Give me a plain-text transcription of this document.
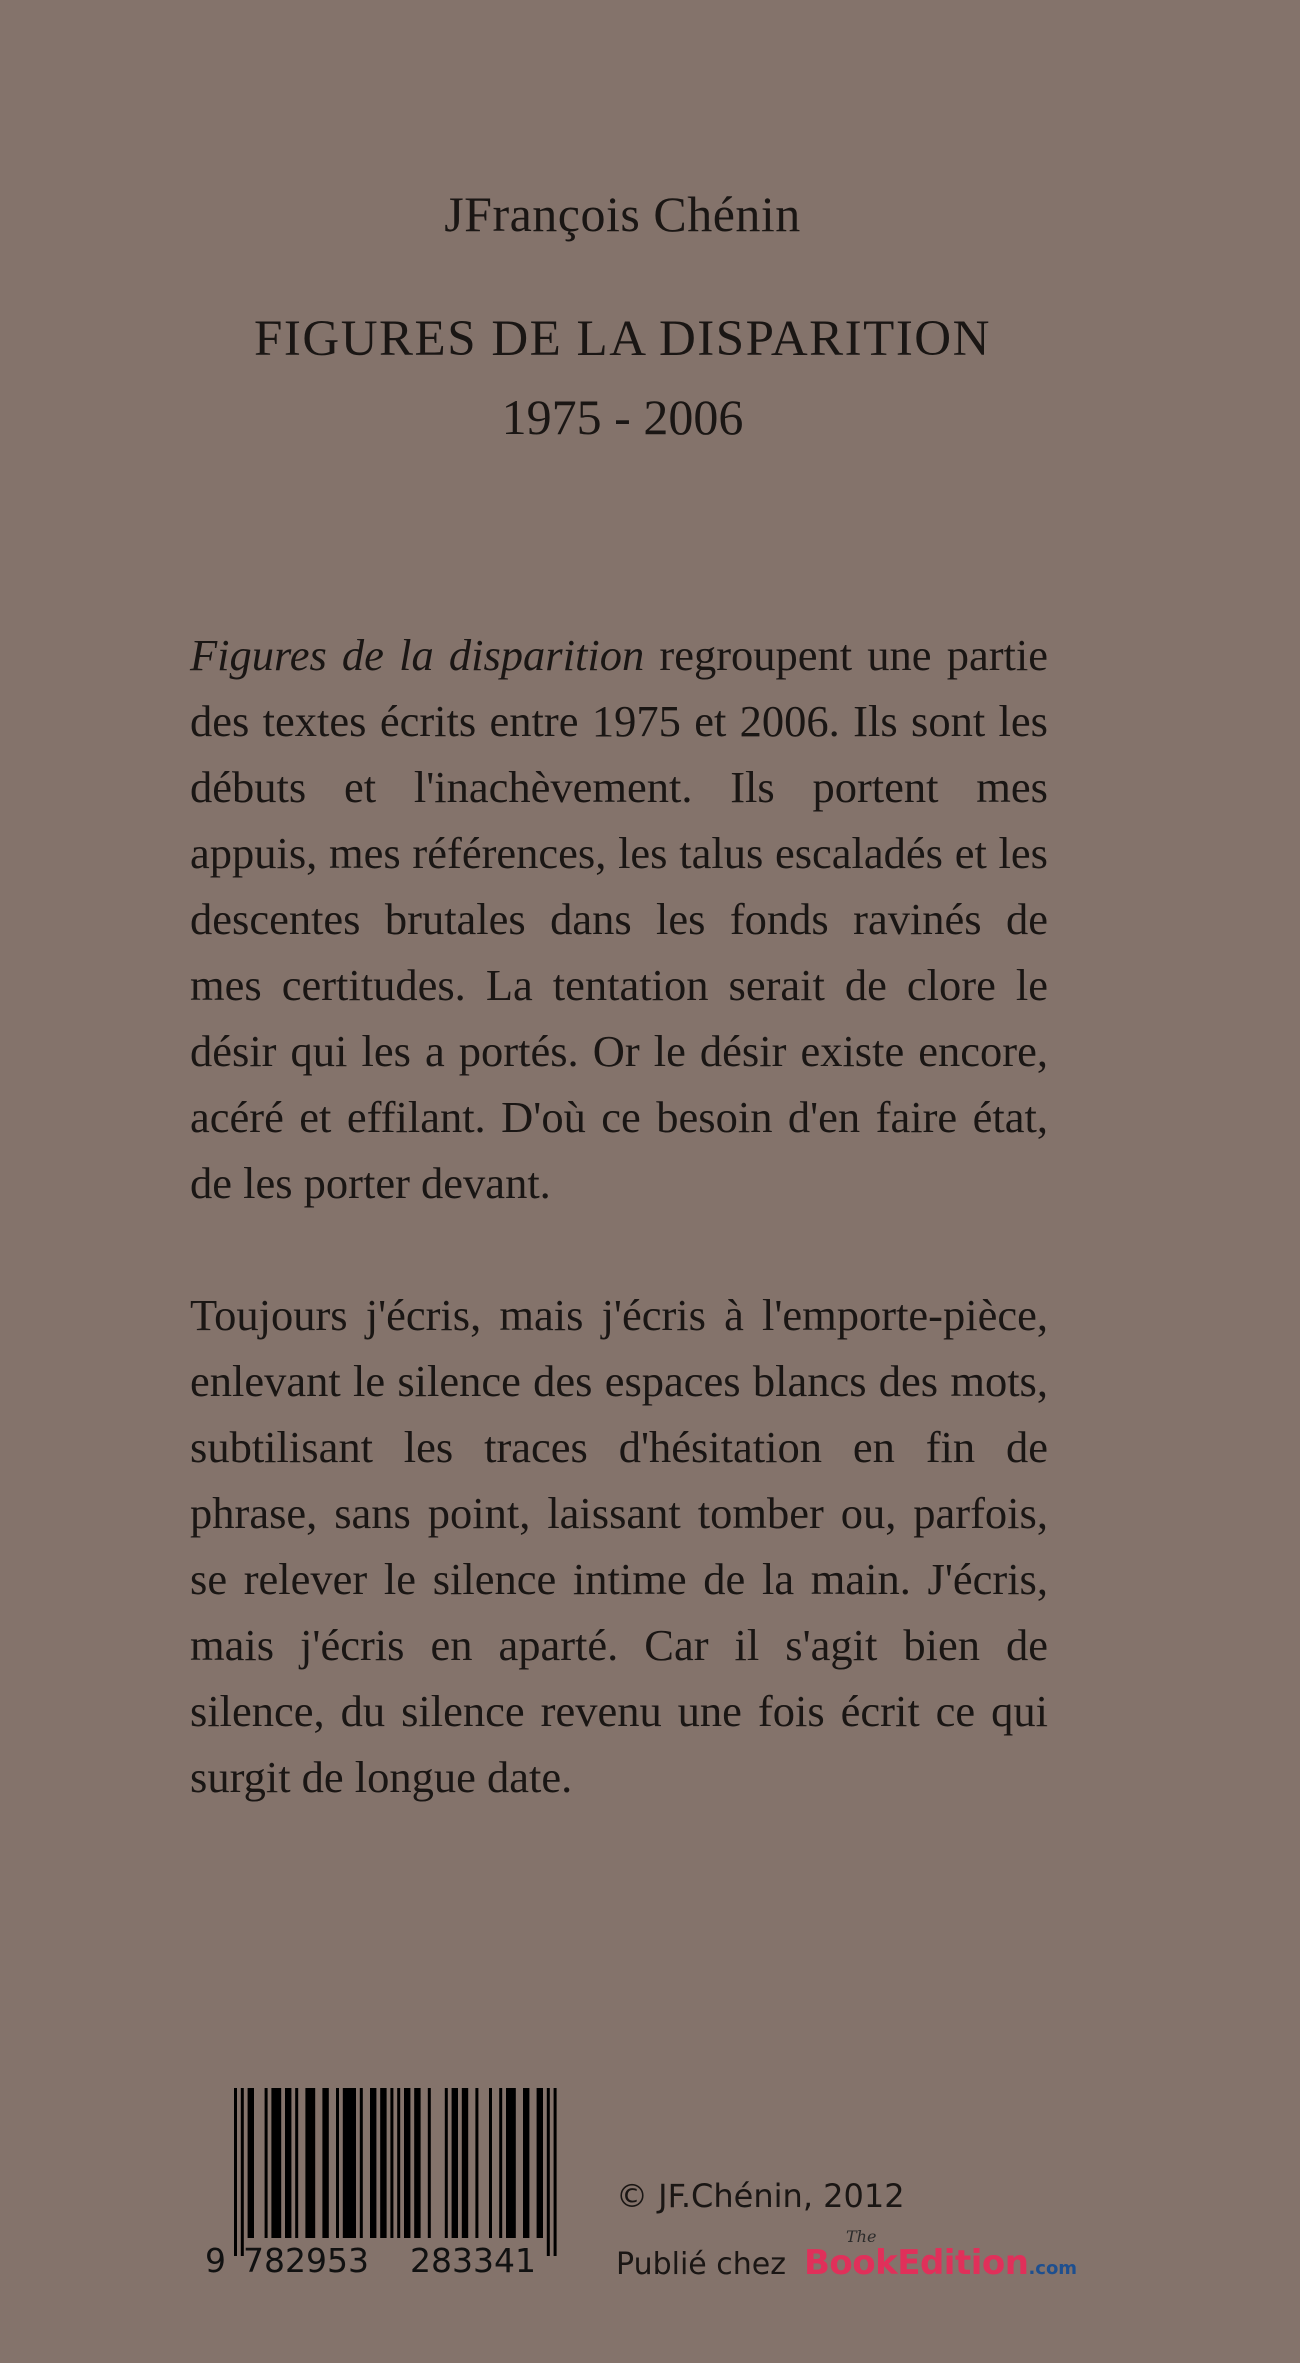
JFrançois Chénin
FIGURES DE LA DISPARITION
1975 - 2006

Figures de la disparition regroupent une partie des textes écrits entre 1975 et 2006. Ils sont les débuts et l'inachèvement. Ils portent mes appuis, mes références, les talus escaladés et les descentes brutales dans les fonds ravinés de mes certitudes. La tentation serait de clore le désir qui les a portés. Or le désir existe encore, acéré et effilant. D'où ce besoin d'en faire état, de les porter devant.

Toujours j'écris, mais j'écris à l'emporte-pièce, enlevant le silence des espaces blancs des mots, subtilisant les traces d'hésitation en fin de phrase, sans point, laissant tomber ou, parfois, se relever le silence intime de la main. J'écris, mais j'écris en aparté. Car il s'agit bien de silence, du silence revenu une fois écrit ce qui surgit de longue date.

9 782953 283341
© JF.Chénin, 2012
Publié chez
The
BookEdition.com
